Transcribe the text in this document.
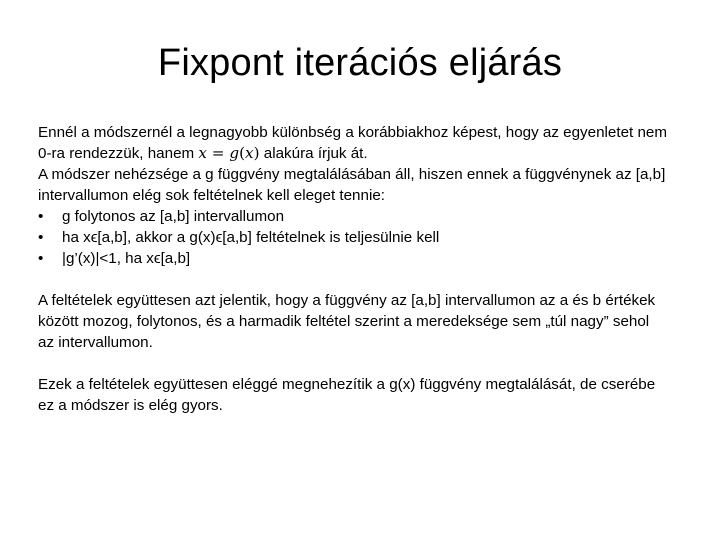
Fixpont iterációs eljárás
Ennél a módszernél a legnagyobb különbség a korábbiakhoz képest, hogy az egyenletet nem
0-ra rendezzük, hanem x = g(x) alakúra írjuk át.
A módszer nehézsége a g függvény megtalálásában áll, hiszen ennek a függvénynek az [a,b]
intervallumon elég sok feltételnek kell eleget tennie:
•	g folytonos az [a,b] intervallumon
•	ha xϵ[a,b], akkor a g(x)ϵ[a,b] feltételnek is teljesülnie kell
•	|g’(x)|<1, ha xϵ[a,b]
A feltételek együttesen azt jelentik, hogy a függvény az [a,b] intervallumon az a és b értékek
között mozog, folytonos, és a harmadik feltétel szerint a meredeksége sem „túl nagy” sehol
az intervallumon.
Ezek a feltételek együttesen eléggé megnehezítik a g(x) függvény megtalálását, de cserébe
ez a módszer is elég gyors.
